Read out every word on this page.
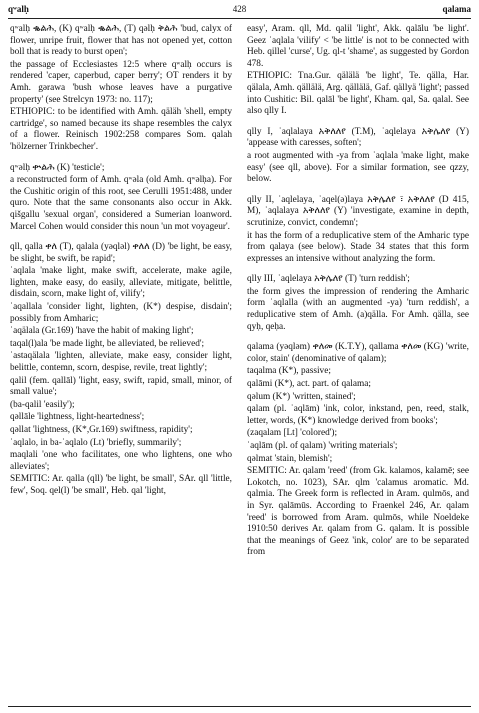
qʷalḥ	428	qalama

qʷalḥ ቈልሕ, (K) qʷalḥ ቈልሕ, (T) qəlḥ ቅልሕ 'bud, calyx of flower, unripe fruit, flower that has not opened yet, cotton boll that is ready to burst open';

the passage of Ecclesiastes 12:5 where qʷalḥ occurs is rendered 'caper, caperbud, caper berry'; OT renders it by Amh. gərawa 'bush whose leaves have a purgative property' (see Strelcyn 1973: no. 117);

ETHIOPIC: to be identified with Amh. qäläh 'shell, empty cartridge', so named because its shape resembles the calyx of a flower. Reinisch 1902:258 compares Som. qalah 'hölzerner Trinkbecher'.

qʷəlḥ ቍልሕ (K) 'testicle';

a reconstructed form of Amh. qʷəla (old Amh. qʷəlḥa). For the Cushitic origin of this root, see Cerulli 1951:488, under quro. Note that the same consonants also occur in Akk. qišgallu 'sexual organ', considered a Sumerian loanword. Marcel Cohen would consider this noun 'un mot voyageur'.

qll, qalla ቀለ (T), qalala (yəqləl) ቀለለ (D) 'be light, be easy, be slight, be swift, be rapid';

ʾaqlala 'make light, make swift, accelerate, make agile, lighten, make easy, do easily, alleviate, mitigate, belittle, disdain, scorn, make light of, vilify';

ʾaqallala 'consider light, lighten, (K*) despise, disdain'; possibly from Amharic;

ʾaqälala (Gr.169) 'have the habit of making light';

taqal(l)ala 'be made light, be alleviated, be relieved';

ʾastaqälala 'lighten, alleviate, make easy, consider light, belittle, contemn, scorn, despise, revile, treat lightly';

qalil (fem. qallāl) 'light, easy, swift, rapid, small, minor, of small value';

(ba-qalil 'easily');

qəllāle 'lightness, light-heartedness';

qəllat 'lightness, (K*,Gr.169) swiftness, rapidity';

ʾaqlalo, in ba-ʾaqlalo (Lt) 'briefly, summarily';

maqlali 'one who facilitates, one who lightens, one who alleviates';

SEMITIC: Ar. qalla (qll) 'be light, be small', SAr. qll 'little, few', Soq. qel(l) 'be small', Heb. qal 'light,

easy', Aram. qll, Md. qalil 'light', Akk. qalālu 'be light'. Geez ʾaqlala 'vilify' < 'be little' is not to be connected with Heb. qillel 'curse', Ug. ql-t 'shame', as suggested by Gordon 478.

ETHIOPIC: Tna.Gur. qälälä 'be light', Te. qälla, Har. qälala, Amh. qällälä, Arg. qällälä, Gaf. qällyä 'light'; passed into Cushitic: Bil. qalāl 'be light', Kham. qal, Sa. qalal. See also qlly I.

qlly I, ʾaqlalaya አቅለለየ (T.M), ʾaqlelaya አቅሌለየ (Y) 'appease with caresses, soften';

a root augmented with -ya from ʾaqlala 'make light, make easy' (see qll, above). For a similar formation, see qzzy, below.

qlly II, ʾaqlelaya, ʾaqel(ə)laya አቅሌለየ ፣ አቅለለየ (D 415, M), ʾaqlalaya አቅለለየ (Y) 'investigate, examine in depth, scrutinize, convict, condemn';

it has the form of a reduplicative stem of the Amharic type from qalaya (see below). Stade 34 states that this form expresses an intensive without analyzing the form.

qlly III, ʾaqlelaya አቅሌለየ (T) 'turn reddish';

the form gives the impression of rendering the Amharic form ʾaqlalla (with an augmented -ya) 'turn reddish', a reduplicative stem of Amh. (a)qälla. For Amh. qälla, see qyḥ, qeḥa.

qalama (yəqləm) ቀለመ (K.T.Y), qallama ቀለመ (KG) 'write, color, stain' (denominative of qalam);

taqalma (K*), passive;

qalāmi (K*), act. part. of qalama;

qəlum (K*) 'written, stained';

qalam (pl. ʾaqlām) 'ink, color, inkstand, pen, reed, stalk, letter, words, (K*) knowledge derived from books';

(zaqalam [Lt] 'colored');

ʾaqlām (pl. of qalam) 'writing materials';

qəlmat 'stain, blemish';

SEMITIC: Ar. qalam 'reed' (from Gk. kalamos, kalamē; see Lokotch, no. 1023), SAr. qlm 'calamus aromatic. Md. qalmia. The Greek form is reflected in Aram. qulmōs, and in Syr. qalāmūs. According to Fraenkel 246, Ar. qalam 'reed' is borrowed from Aram. qulmōs, while Noeldeke 1910:50 derives Ar. qalam from G. qalam. It is possible that the meanings of Geez 'ink, color' are to be separated from
